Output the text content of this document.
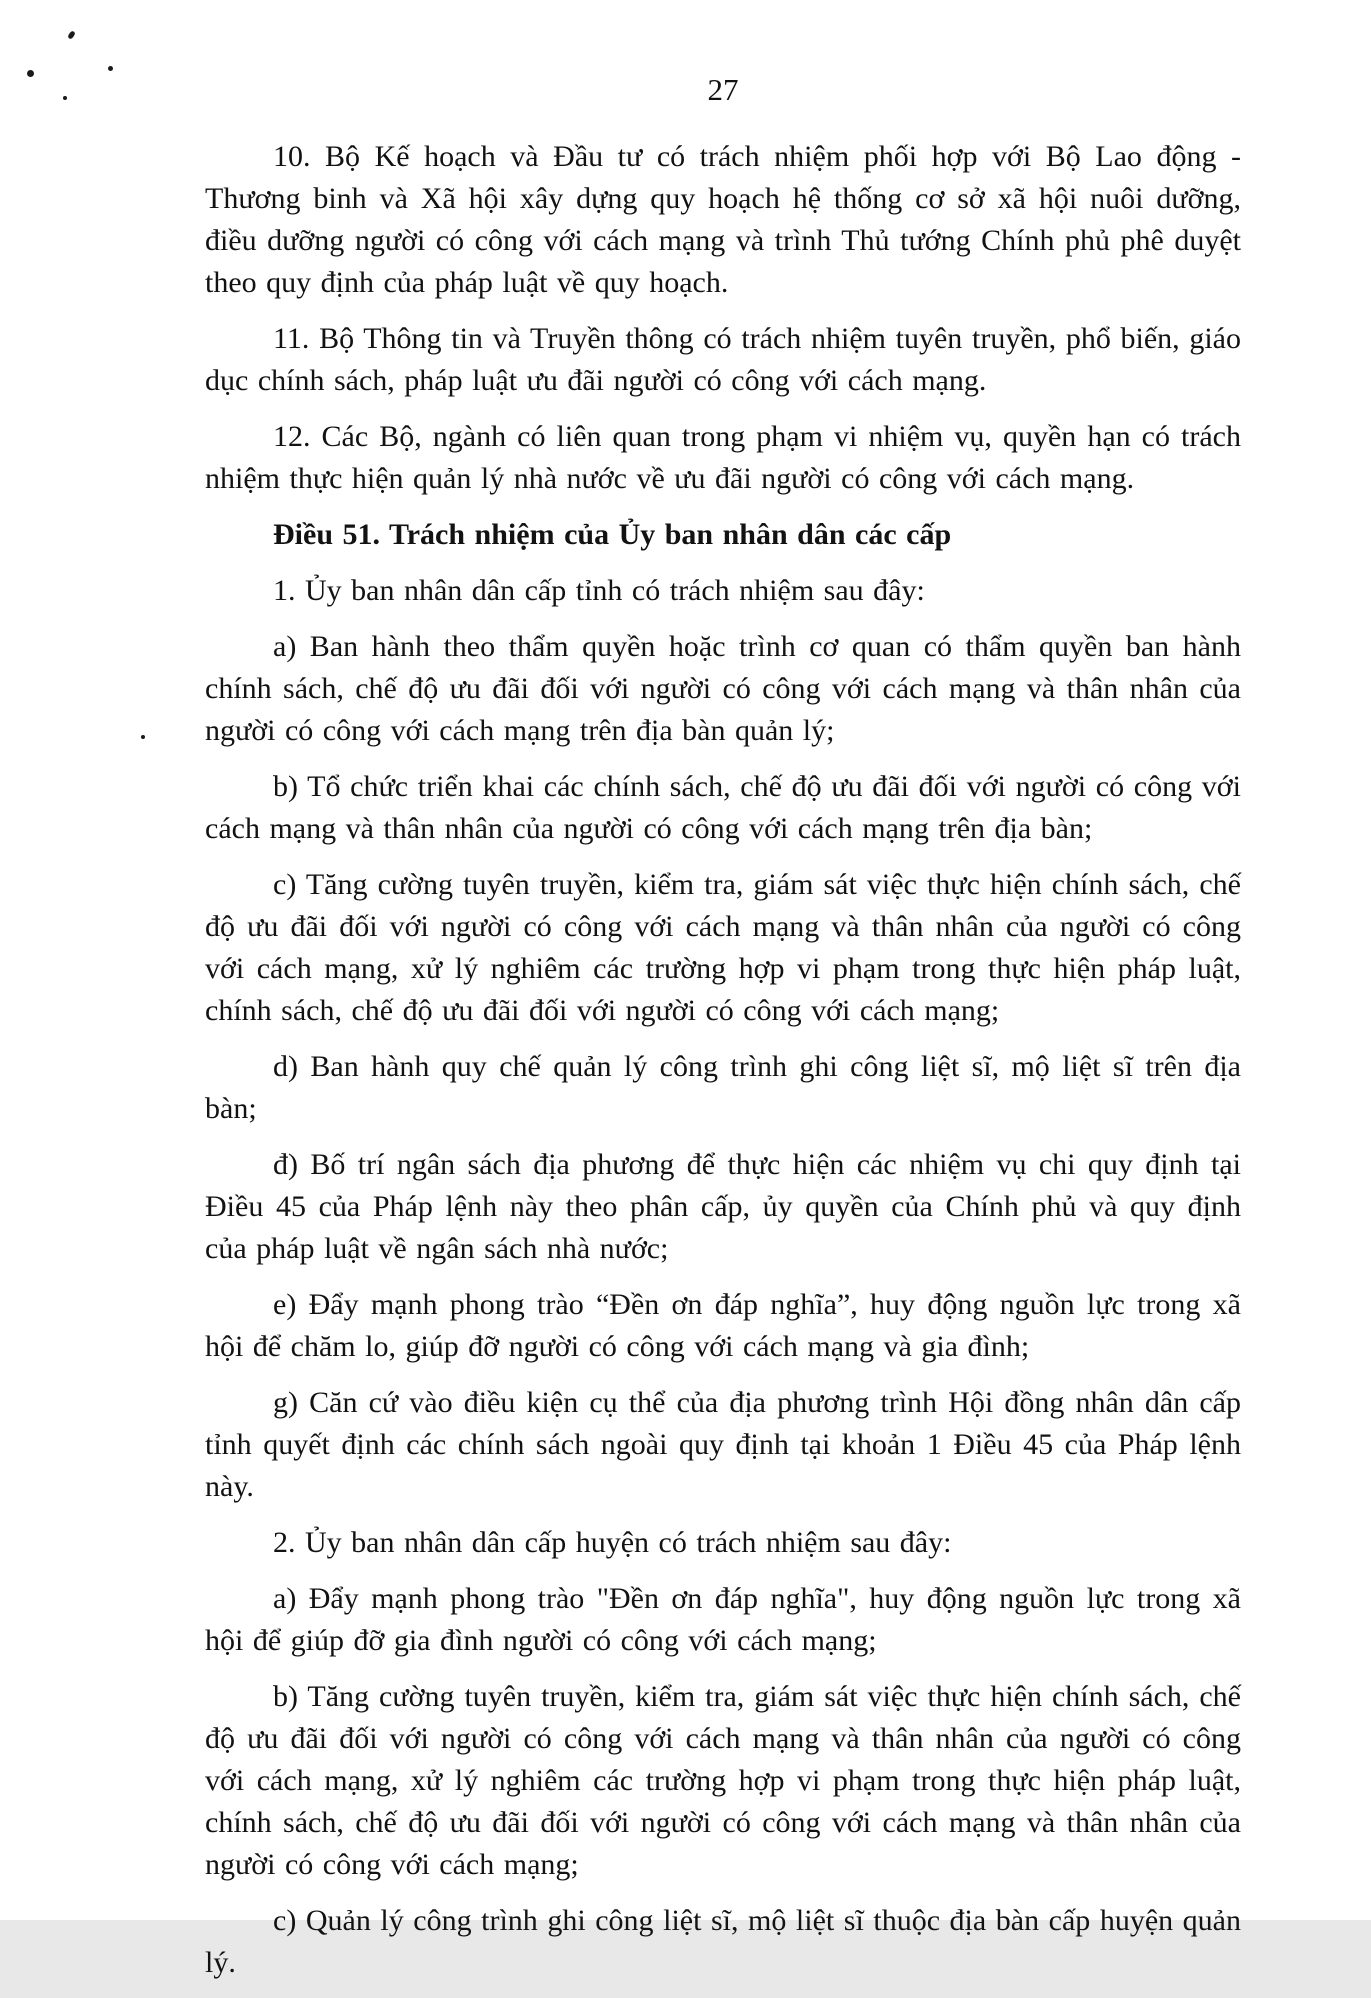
27

10. Bộ Kế hoạch và Đầu tư có trách nhiệm phối hợp với Bộ Lao động - Thương binh và Xã hội xây dựng quy hoạch hệ thống cơ sở xã hội nuôi dưỡng, điều dưỡng người có công với cách mạng và trình Thủ tướng Chính phủ phê duyệt theo quy định của pháp luật về quy hoạch.

11. Bộ Thông tin và Truyền thông có trách nhiệm tuyên truyền, phổ biến, giáo dục chính sách, pháp luật ưu đãi người có công với cách mạng.

12. Các Bộ, ngành có liên quan trong phạm vi nhiệm vụ, quyền hạn có trách nhiệm thực hiện quản lý nhà nước về ưu đãi người có công với cách mạng.

Điều 51. Trách nhiệm của Ủy ban nhân dân các cấp

1. Ủy ban nhân dân cấp tỉnh có trách nhiệm sau đây:

a) Ban hành theo thẩm quyền hoặc trình cơ quan có thẩm quyền ban hành chính sách, chế độ ưu đãi đối với người có công với cách mạng và thân nhân của người có công với cách mạng trên địa bàn quản lý;

b) Tổ chức triển khai các chính sách, chế độ ưu đãi đối với người có công với cách mạng và thân nhân của người có công với cách mạng trên địa bàn;

c) Tăng cường tuyên truyền, kiểm tra, giám sát việc thực hiện chính sách, chế độ ưu đãi đối với người có công với cách mạng và thân nhân của người có công với cách mạng, xử lý nghiêm các trường hợp vi phạm trong thực hiện pháp luật, chính sách, chế độ ưu đãi đối với người có công với cách mạng;

d) Ban hành quy chế quản lý công trình ghi công liệt sĩ, mộ liệt sĩ trên địa bàn;

đ) Bố trí ngân sách địa phương để thực hiện các nhiệm vụ chi quy định tại Điều 45 của Pháp lệnh này theo phân cấp, ủy quyền của Chính phủ và quy định của pháp luật về ngân sách nhà nước;

e) Đẩy mạnh phong trào “Đền ơn đáp nghĩa”, huy động nguồn lực trong xã hội để chăm lo, giúp đỡ người có công với cách mạng và gia đình;

g) Căn cứ vào điều kiện cụ thể của địa phương trình Hội đồng nhân dân cấp tỉnh quyết định các chính sách ngoài quy định tại khoản 1 Điều 45 của Pháp lệnh này.

2. Ủy ban nhân dân cấp huyện có trách nhiệm sau đây:

a) Đẩy mạnh phong trào "Đền ơn đáp nghĩa", huy động nguồn lực trong xã hội để giúp đỡ gia đình người có công với cách mạng;

b) Tăng cường tuyên truyền, kiểm tra, giám sát việc thực hiện chính sách, chế độ ưu đãi đối với người có công với cách mạng và thân nhân của người có công với cách mạng, xử lý nghiêm các trường hợp vi phạm trong thực hiện pháp luật, chính sách, chế độ ưu đãi đối với người có công với cách mạng và thân nhân của người có công với cách mạng;

c) Quản lý công trình ghi công liệt sĩ, mộ liệt sĩ thuộc địa bàn cấp huyện quản lý.
